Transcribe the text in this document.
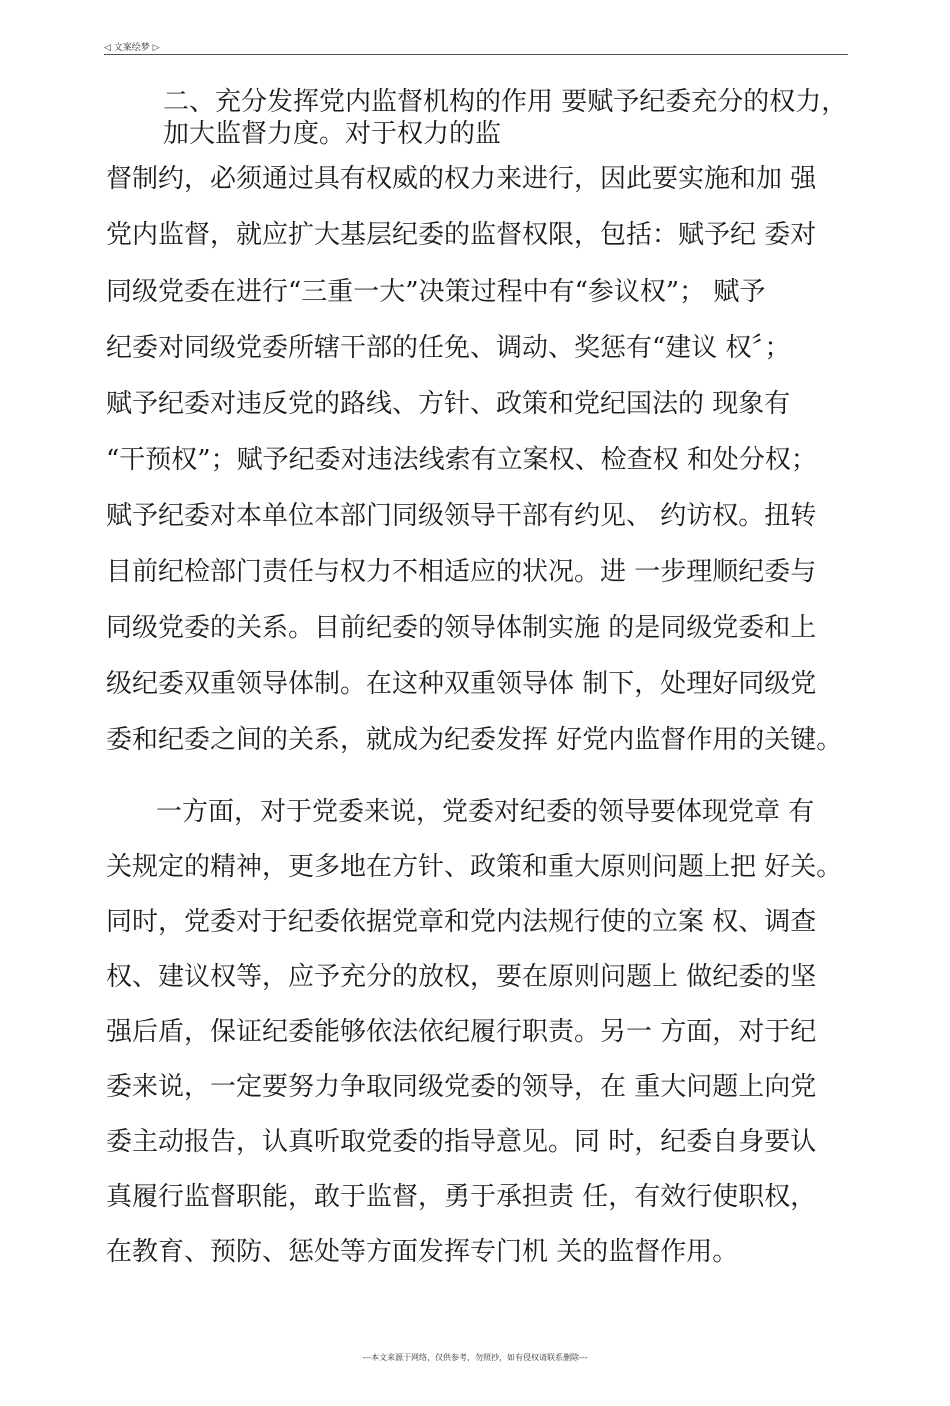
◁ 文案绘梦 ▷
二、充分发挥党内监督机构的作用 要赋予纪委充分的权力，
加大监督力度。对于权力的监

督制约，必须通过具有权威的权力来进行，因此要实施和加 强

党内监督，就应扩大基层纪委的监督权限，包括：赋予纪 委对

同级党委在进行“三重一大”决策过程中有“参议权”； 赋予

纪委对同级党委所辖干部的任免、调动、奖惩有“建议 权〞；

赋予纪委对违反党的路线、方针、政策和党纪国法的 现象有

“干预权”；赋予纪委对违法线索有立案权、检查权 和处分权；

赋予纪委对本单位本部门同级领导干部有约见、 约访权。扭转

目前纪检部门责任与权力不相适应的状况。进 一步理顺纪委与

同级党委的关系。目前纪委的领导体制实施 的是同级党委和上

级纪委双重领导体制。在这种双重领导体 制下，处理好同级党

委和纪委之间的关系，就成为纪委发挥 好党内监督作用的关键。

一方面，对于党委来说，党委对纪委的领导要体现党章 有

关规定的精神，更多地在方针、政策和重大原则问题上把 好关。

同时，党委对于纪委依据党章和党内法规行使的立案 权、调查

权、建议权等，应予充分的放权，要在原则问题上 做纪委的坚

强后盾，保证纪委能够依法依纪履行职责。另一 方面，对于纪

委来说，一定要努力争取同级党委的领导，在 重大问题上向党

委主动报告，认真听取党委的指导意见。同 时，纪委自身要认

真履行监督职能，敢于监督，勇于承担责 任，有效行使职权，

在教育、预防、惩处等方面发挥专门机 关的监督作用。

---本文来源于网络，仅供参考，勿照抄，如有侵权请联系删除---
